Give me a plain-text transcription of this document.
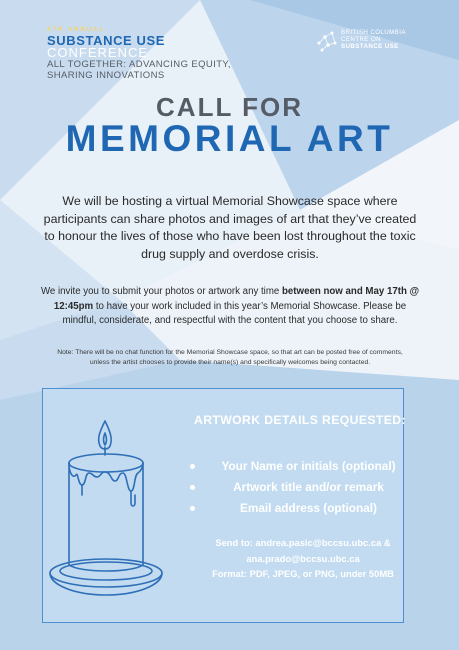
4TH ANNUAL
SUBSTANCE USE
CONFERENCE
ALL TOGETHER: ADVANCING EQUITY,
SHARING INNOVATIONS
BRITISH COLUMBIA
CENTRE ON
SUBSTANCE USE
CALL FOR
MEMORIAL ART

We will be hosting a virtual Memorial Showcase space where participants can share photos and images of art that they’ve created to honour the lives of those who have been lost throughout the toxic drug supply and overdose crisis.

We invite you to submit your photos or artwork any time between now and May 17th @ 12:45pm to have your work included in this year’s Memorial Showcase. Please be mindful, considerate, and respectful with the content that you choose to share.

Note: There will be no chat function for the Memorial Showcase space, so that art can be posted free of comments, unless the artist chooses to provide their name(s) and specifically welcomes being contacted.

ARTWORK DETAILS REQUESTED:
Your Name or initials (optional)
Artwork title and/or remark
Email address (optional)
Send to: andrea.pasic@bccsu.ubc.ca &
ana.prado@bccsu.ubc.ca
Format: PDF, JPEG, or PNG, under 50MB
